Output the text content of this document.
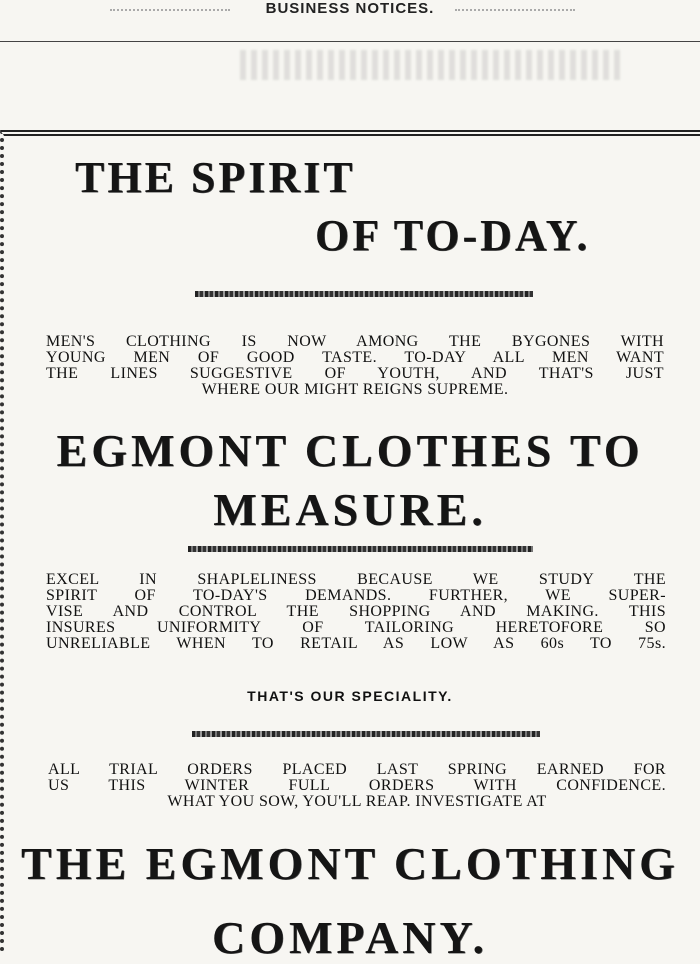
BUSINESS NOTICES.
THE SPIRIT
OF TO-DAY.
MEN'S CLOTHING IS NOW AMONG THE BYGONES WITH
YOUNG MEN OF GOOD TASTE. TO-DAY ALL MEN WANT
THE LINES SUGGESTIVE OF YOUTH, AND THAT'S JUST
WHERE OUR MIGHT REIGNS SUPREME.
EGMONT CLOTHES TO
MEASURE.
EXCEL IN SHAPLELINESS BECAUSE WE STUDY THE
SPIRIT OF TO-DAY'S DEMANDS. FURTHER, WE SUPER-
VISE AND CONTROL THE SHOPPING AND MAKING. THIS
INSURES UNIFORMITY OF TAILORING HERETOFORE SO
UNRELIABLE WHEN TO RETAIL AS LOW AS 60s TO 75s.
THAT'S OUR SPECIALITY.
ALL TRIAL ORDERS PLACED LAST SPRING EARNED FOR
US THIS WINTER FULL ORDERS WITH CONFIDENCE.
WHAT YOU SOW, YOU'LL REAP. INVESTIGATE AT
THE EGMONT CLOTHING
COMPANY.
